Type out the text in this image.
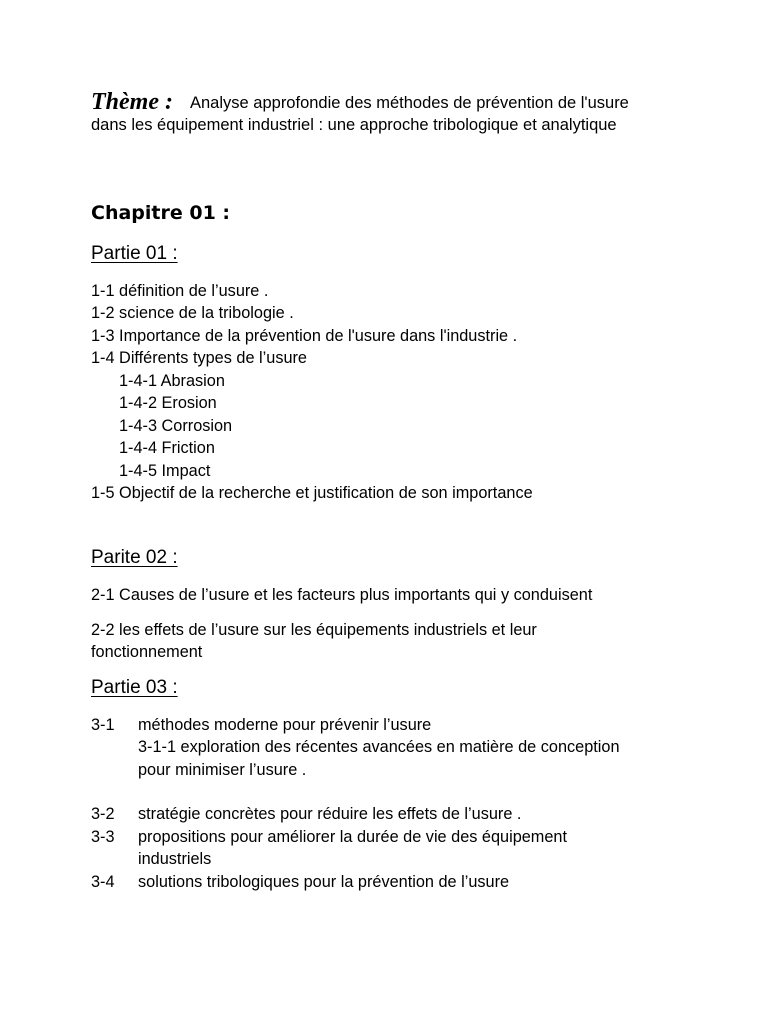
Thème : Analyse approfondie des méthodes de prévention de l'usure
dans les équipement industriel : une approche tribologique et analytique
Chapitre 01 :
Partie 01 :
1-1 définition de l’usure .
1-2 science de la tribologie .
1-3 Importance de la prévention de l'usure dans l'industrie .
1-4 Différents types de l’usure
1-4-1 Abrasion
1-4-2 Erosion
1-4-3 Corrosion
1-4-4 Friction
1-4-5 Impact
1-5 Objectif de la recherche et justification de son importance
Parite 02 :
2-1 Causes de l’usure et les facteurs plus importants qui y conduisent
2-2 les effets de l’usure sur les équipements industriels et leur
fonctionnement
Partie 03 :
3-1 méthodes moderne pour prévenir l’usure
3-1-1 exploration des récentes avancées en matière de conception
pour minimiser l’usure .
3-2 stratégie concrètes pour réduire les effets de l’usure .
3-3 propositions pour améliorer la durée de vie des équipement
industriels
3-4 solutions tribologiques pour la prévention de l’usure
